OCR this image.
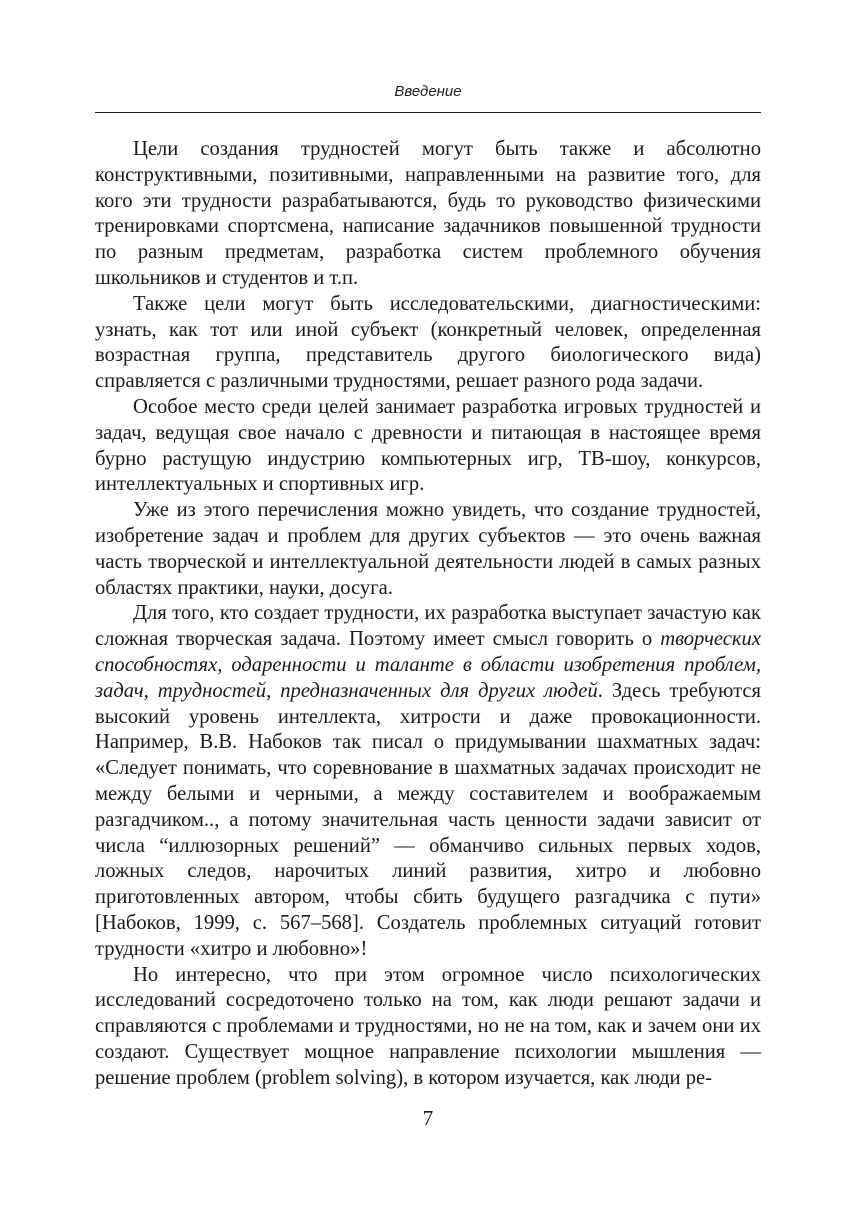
Введение

Цели создания трудностей могут быть также и абсолютно конструктивными, позитивными, направленными на развитие того, для кого эти трудности разрабатываются, будь то руководство физическими тренировками спортсмена, написание задачников повышенной трудности по разным предметам, разработка систем проблемного обучения школьников и студентов и т.п.

Также цели могут быть исследовательскими, диагностическими: узнать, как тот или иной субъект (конкретный человек, определенная возрастная группа, представитель другого биологического вида) справляется с различными трудностями, решает разного рода задачи.

Особое место среди целей занимает разработка игровых трудностей и задач, ведущая свое начало с древности и питающая в настоящее время бурно растущую индустрию компьютерных игр, ТВ-шоу, конкурсов, интеллектуальных и спортивных игр.

Уже из этого перечисления можно увидеть, что создание трудностей, изобретение задач и проблем для других субъектов — это очень важная часть творческой и интеллектуальной деятельности людей в самых разных областях практики, науки, досуга.

Для того, кто создает трудности, их разработка выступает зачастую как сложная творческая задача. Поэтому имеет смысл говорить о творческих способностях, одаренности и таланте в области изобретения проблем, задач, трудностей, предназначенных для других людей. Здесь требуются высокий уровень интеллекта, хитрости и даже провокационности. Например, В.В. Набоков так писал о придумывании шахматных задач: «Следует понимать, что соревнование в шахматных задачах происходит не между белыми и черными, а между составителем и воображаемым разгадчиком.., а потому значительная часть ценности задачи зависит от числа “иллюзорных решений” — обманчиво сильных первых ходов, ложных следов, нарочитых линий развития, хитро и любовно приготовленных автором, чтобы сбить будущего разгадчика с пути» [Набоков, 1999, с. 567–568]. Создатель проблемных ситуаций готовит трудности «хитро и любовно»!

Но интересно, что при этом огромное число психологических исследований сосредоточено только на том, как люди решают задачи и справляются с проблемами и трудностями, но не на том, как и зачем они их создают. Существует мощное направление психологии мышления — решение проблем (problem solving), в котором изучается, как люди ре-

7
